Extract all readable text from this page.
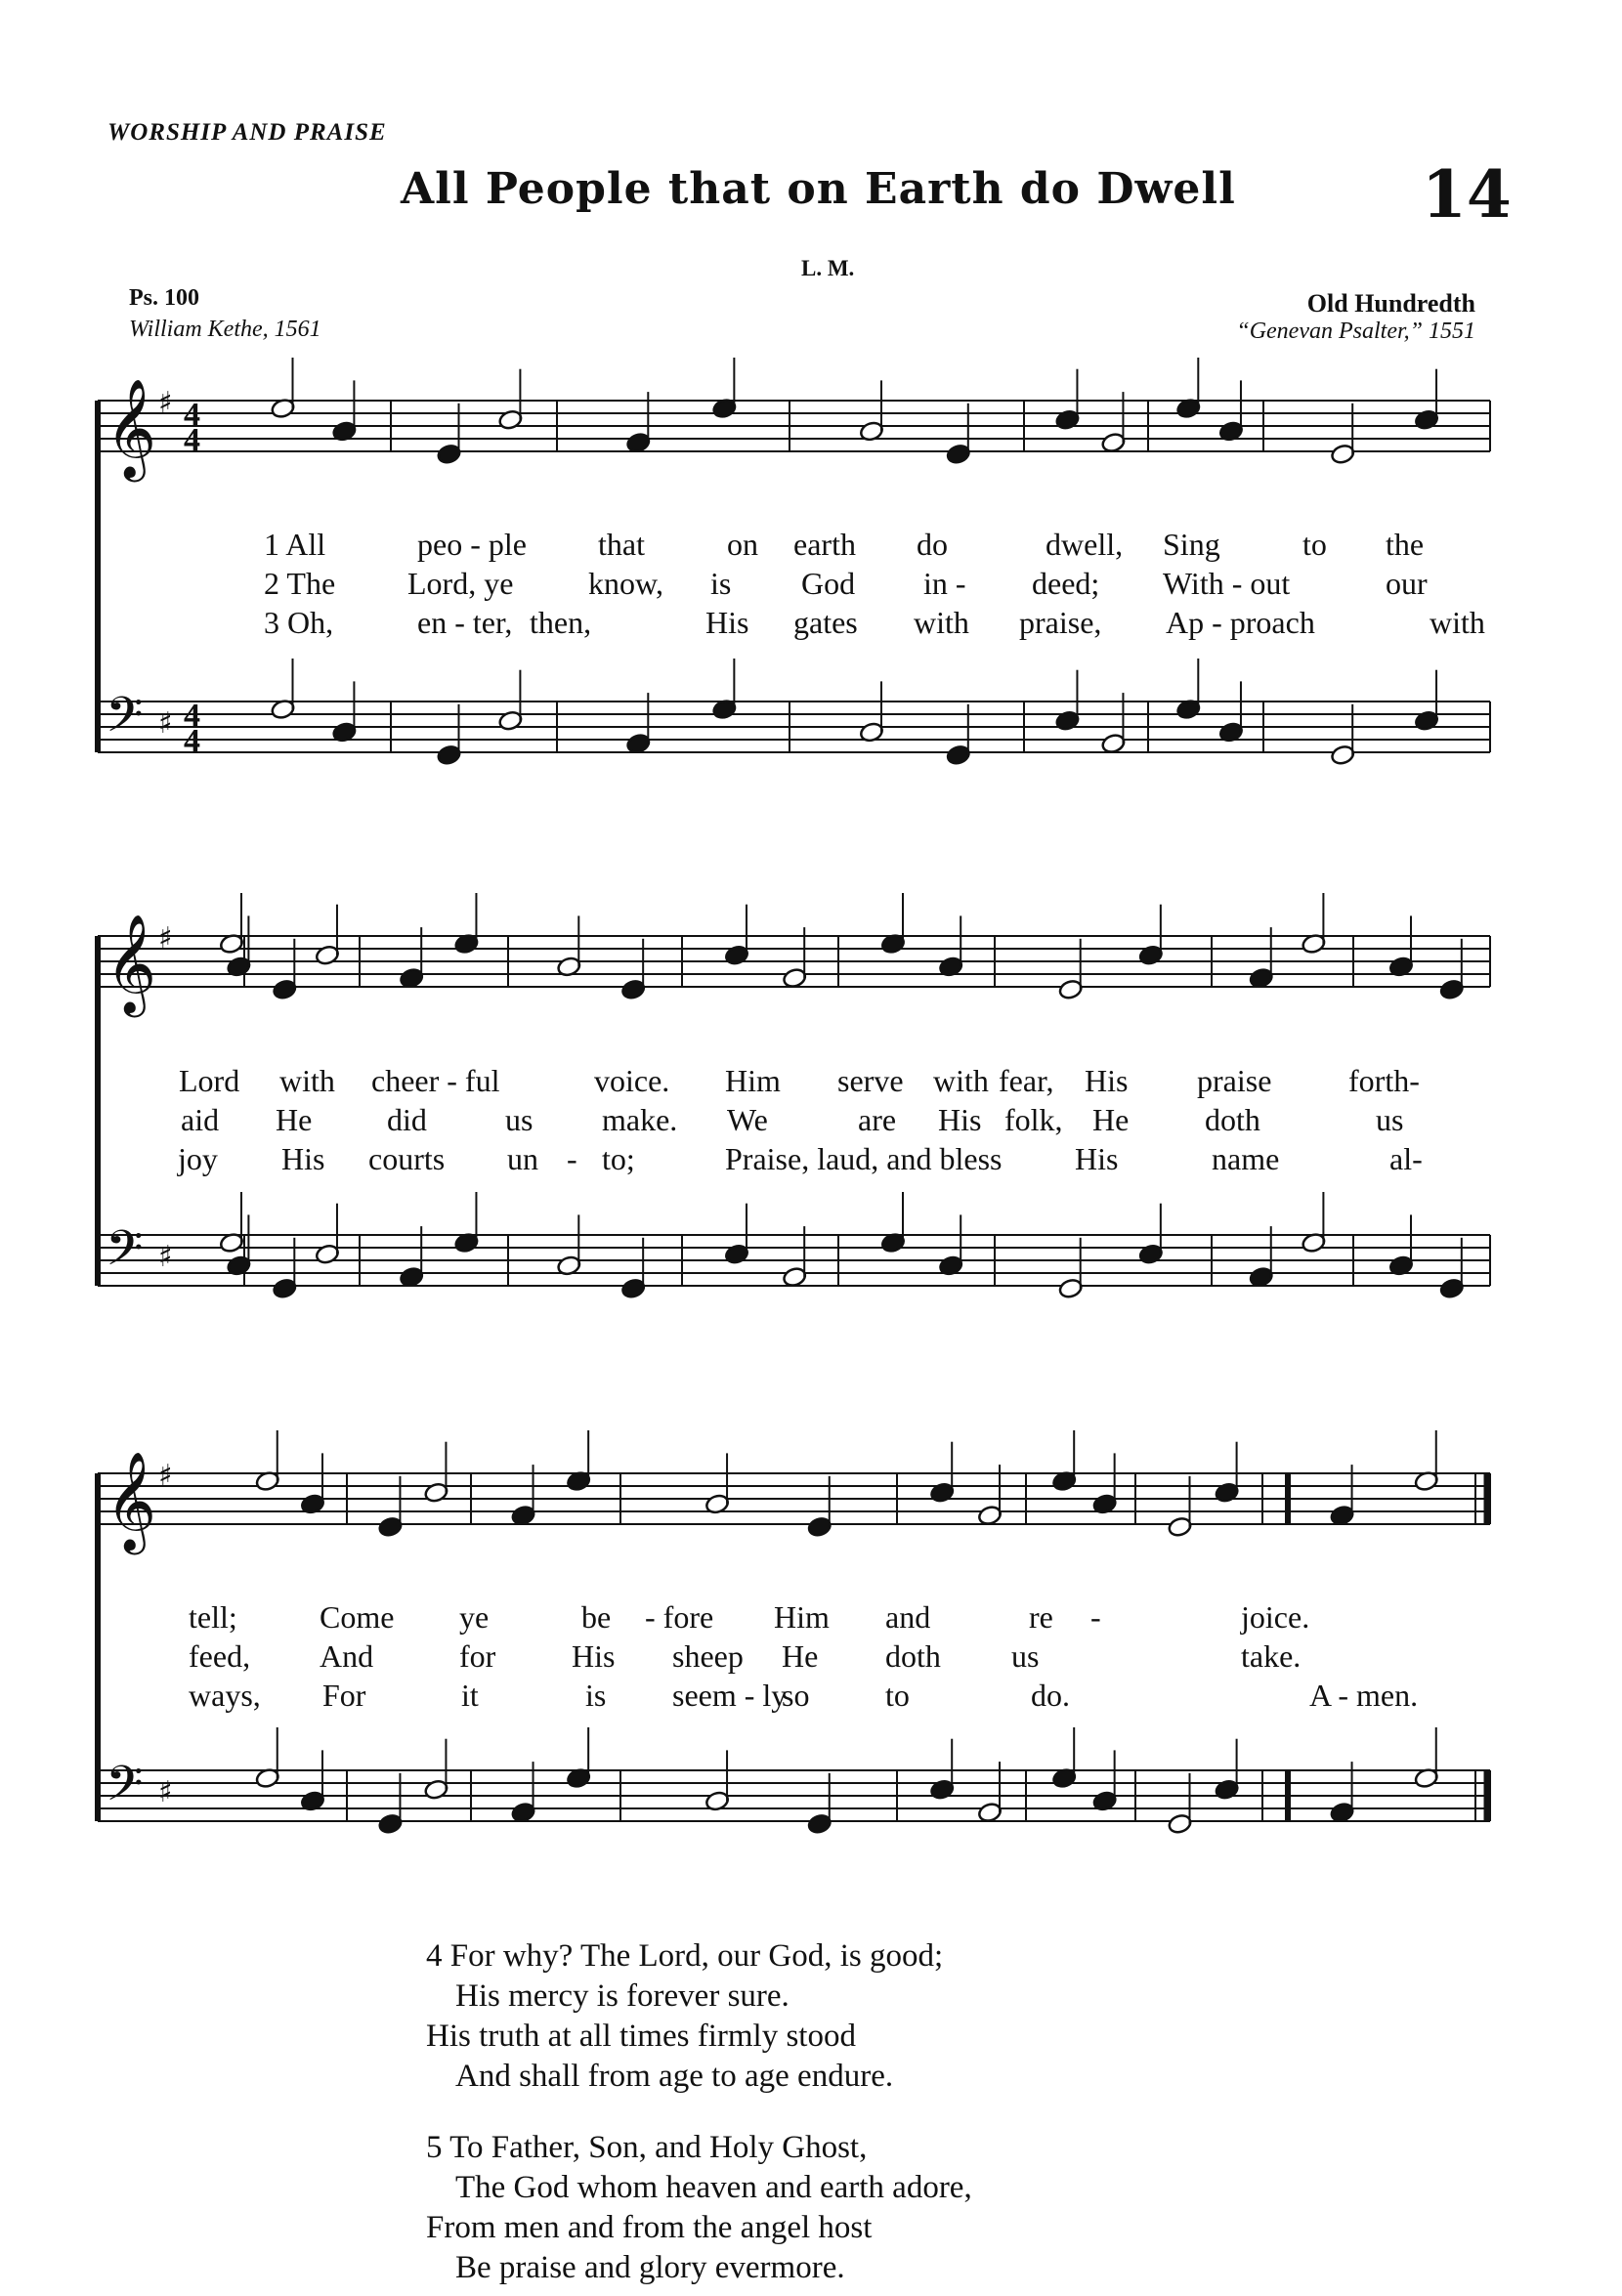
WORSHIP AND PRAISE
All People that on Earth do Dwell	14
L. M.
Ps. 100
William Kethe, 1561
Old Hundredth
“Genevan Psalter,” 1551
𝄞
𝄢
♯
♯
4
4
4
4
1 All	peo - ple that	on earth do	dwell, Sing	to the
2 The Lord, ye know, is God in - deed; With - out	our
3 Oh,	en - ter, then,	His gates with praise, Ap - proach	with
𝄞
𝄢
♯
♯
Lord with cheer - ful	voice. Him serve with fear, His praise forth-
aid He did	us make. We	are His folk, He doth	us
joy His courts un - to;	Praise, laud, and bless His	name	al-
𝄞
𝄢
♯
♯
tell;	Come ye	be - fore Him and	re -	joice.
feed, And	for His sheep He doth us	take.
ways, For	it	is seem - ly
so to	do.	A - men.
4 For why? The Lord, our God, is good;
His mercy is forever sure.
His truth at all times firmly stood
And shall from age to age endure.
5 To Father, Son, and Holy Ghost,
The God whom heaven and earth adore,
From men and from the angel host
Be praise and glory evermore.
